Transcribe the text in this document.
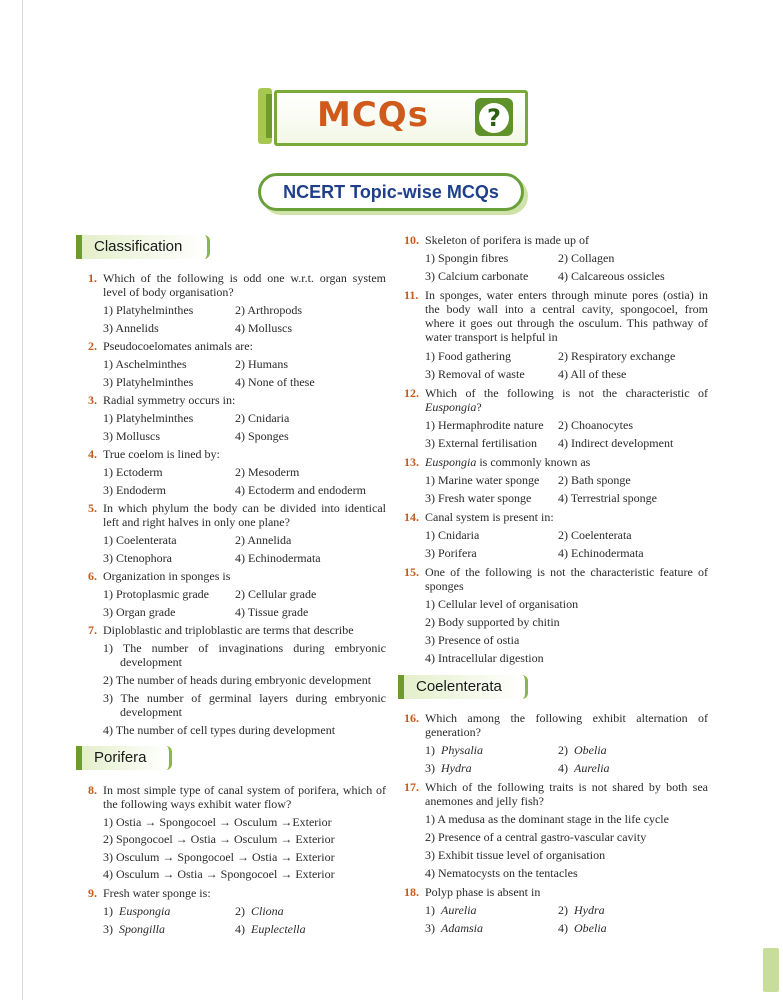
MCQs	?
NCERT Topic-wise MCQs
Classification
1. Which of the following is odd one w.r.t. organ system level of body organisation?
1) Platyhelminthes	2) Arthropods
3) Annelids	4) Molluscs
2. Pseudocoelomates animals are:
1) Aschelminthes	2) Humans
3) Platyhelminthes	4) None of these
3. Radial symmetry occurs in:
1) Platyhelminthes	2) Cnidaria
3) Molluscs	4) Sponges
4. True coelom is lined by:
1) Ectoderm	2) Mesoderm
3) Endoderm	4) Ectoderm and endoderm
5. In which phylum the body can be divided into identical left and right halves in only one plane?
1) Coelenterata	2) Annelida
3) Ctenophora	4) Echinodermata
6. Organization in sponges is
1) Protoplasmic grade 2) Cellular grade
3) Organ grade	4) Tissue grade
7. Diploblastic and triploblastic are terms that describe
1) The number of invaginations during embryonic development
2) The number of heads during embryonic development
3) The number of germinal layers during embryonic development
4) The number of cell types during development
Porifera
8. In most simple type of canal system of porifera, which of the following ways exhibit water flow?
1) Ostia → Spongocoel → Osculum →Exterior
2) Spongocoel → Ostia → Osculum → Exterior
3) Osculum → Spongocoel → Ostia → Exterior
4) Osculum → Ostia → Spongocoel → Exterior
9. Fresh water sponge is:
1) Euspongia	2) Cliona
3) Spongilla	4) Euplectella
10. Skeleton of porifera is made up of
1) Spongin fibres	2) Collagen
3) Calcium carbonate 4) Calcareous ossicles
11. In sponges, water enters through minute pores (ostia) in the body wall into a central cavity, spongocoel, from where it goes out through the osculum. This pathway of water transport is helpful in
1) Food gathering	2) Respiratory exchange
3) Removal of waste	4) All of these
12. Which of the following is not the characteristic of Euspongia?
1) Hermaphrodite nature 2) Choanocytes
3) External fertilisation 4) Indirect development
13. Euspongia is commonly known as
1) Marine water sponge 2) Bath sponge
3) Fresh water sponge 4) Terrestrial sponge
14. Canal system is present in:
1) Cnidaria	2) Coelenterata
3) Porifera	4) Echinodermata
15. One of the following is not the characteristic feature of sponges
1) Cellular level of organisation
2) Body supported by chitin
3) Presence of ostia
4) Intracellular digestion
Coelenterata
16. Which among the following exhibit alternation of generation?
1) Physalia	2) Obelia
3) Hydra	4) Aurelia
17. Which of the following traits is not shared by both sea anemones and jelly fish?
1) A medusa as the dominant stage in the life cycle
2) Presence of a central gastro-vascular cavity
3) Exhibit tissue level of organisation
4) Nematocysts on the tentacles
18. Polyp phase is absent in
1) Aurelia	2) Hydra
3) Adamsia	4) Obelia
